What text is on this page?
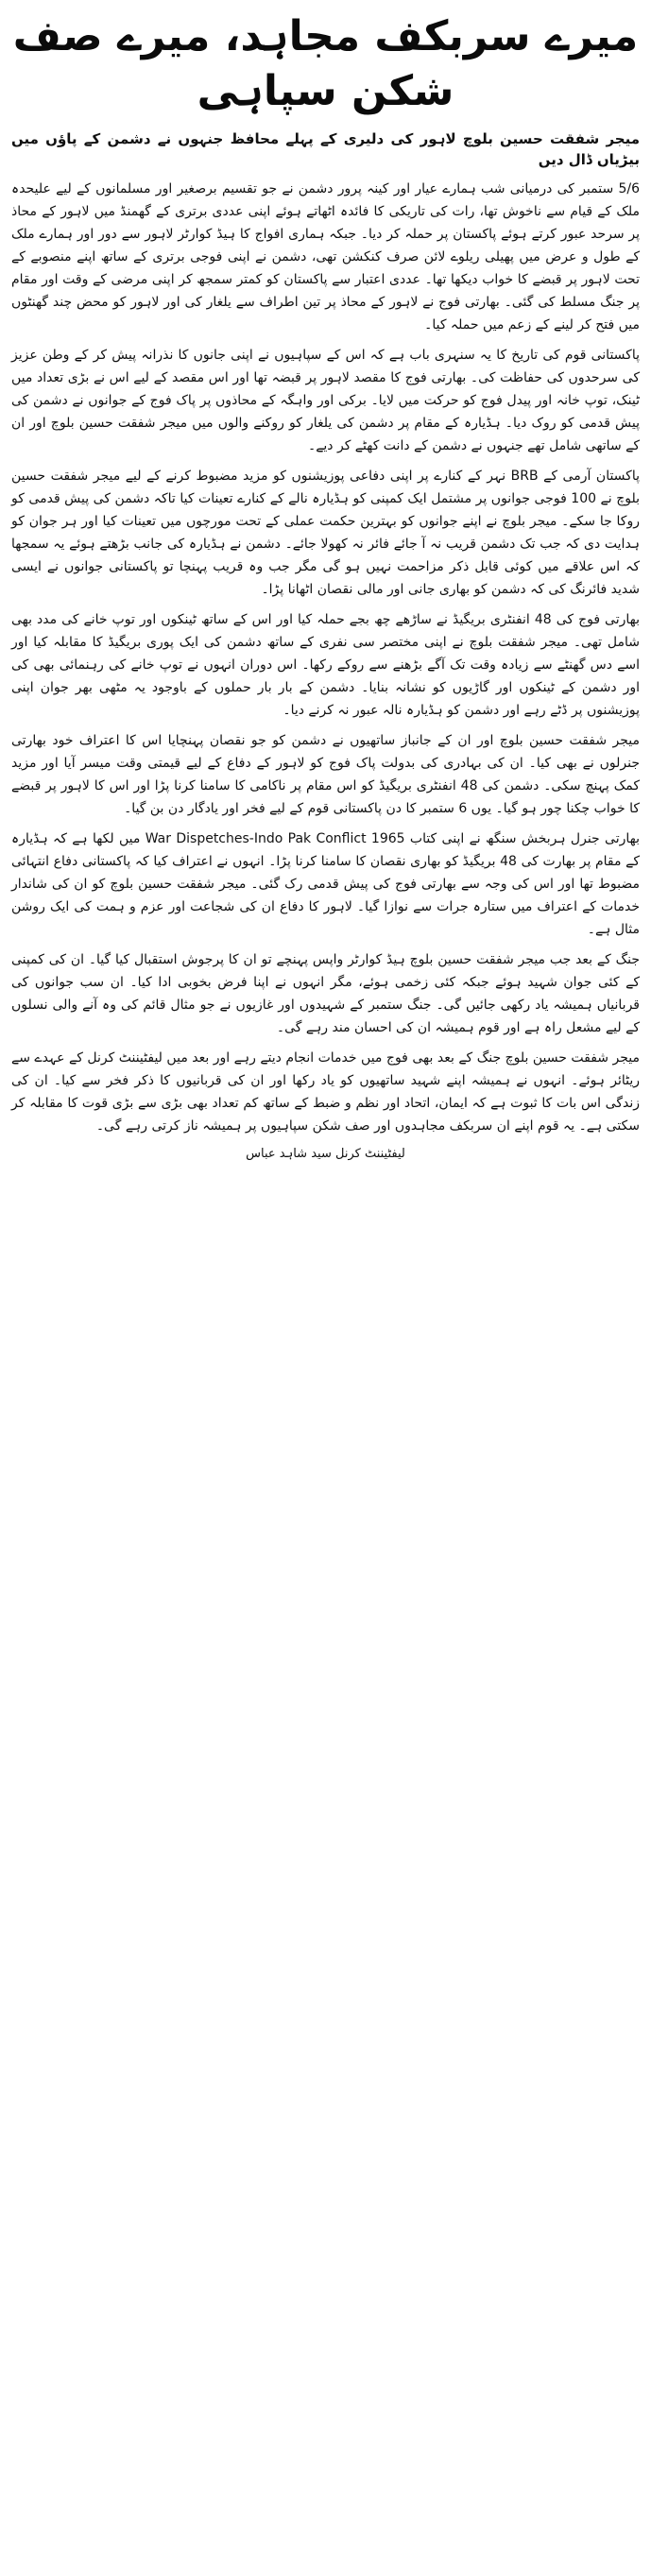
میرے سربکف مجاہد، میرے صف شکن سپاہی

میجر شفقت حسین بلوچ لاہور کی دلیری کے پہلے محافظ جنہوں نے دشمن کے پاؤں میں بیڑیاں ڈال دیں

5/6 ستمبر کی درمیانی شب ہمارے عیار اور کینہ پرور دشمن نے جو تقسیم برصغیر اور مسلمانوں کے لیے علیحدہ ملک کے قیام سے ناخوش تھا، رات کی تاریکی کا فائدہ اٹھاتے ہوئے اپنی عددی برتری کے گھمنڈ میں لاہور کے محاذ پر سرحد عبور کرتے ہوئے پاکستان پر حملہ کر دیا۔ جبکہ ہماری افواج کا ہیڈ کوارٹر لاہور سے دور اور ہمارے ملک کے طول و عرض میں پھیلی ریلوے لائن صرف کنکشن تھی، دشمن نے اپنی فوجی برتری کے ساتھ اپنے منصوبے کے تحت لاہور پر قبضے کا خواب دیکھا تھا۔ عددی اعتبار سے پاکستان کو کمتر سمجھ کر اپنی مرضی کے وقت اور مقام پر جنگ مسلط کی گئی۔ بھارتی فوج نے لاہور کے محاذ پر تین اطراف سے یلغار کی اور لاہور کو محض چند گھنٹوں میں فتح کر لینے کے زعم میں حملہ کیا۔

پاکستانی قوم کی تاریخ کا یہ سنہری باب ہے کہ اس کے سپاہیوں نے اپنی جانوں کا نذرانہ پیش کر کے وطن عزیز کی سرحدوں کی حفاظت کی۔ بھارتی فوج کا مقصد لاہور پر قبضہ تھا اور اس مقصد کے لیے اس نے بڑی تعداد میں ٹینک، توپ خانہ اور پیدل فوج کو حرکت میں لایا۔ برکی اور واہگہ کے محاذوں پر پاک فوج کے جوانوں نے دشمن کی پیش قدمی کو روک دیا۔ ہڈیارہ کے مقام پر دشمن کی یلغار کو روکنے والوں میں میجر شفقت حسین بلوچ اور ان کے ساتھی شامل تھے جنہوں نے دشمن کے دانت کھٹے کر دیے۔

پاکستان آرمی کے BRB نہر کے کنارے پر اپنی دفاعی پوزیشنوں کو مزید مضبوط کرنے کے لیے میجر شفقت حسین بلوچ نے 100 فوجی جوانوں پر مشتمل ایک کمپنی کو ہڈیارہ نالے کے کنارے تعینات کیا تاکہ دشمن کی پیش قدمی کو روکا جا سکے۔ میجر بلوچ نے اپنے جوانوں کو بہترین حکمت عملی کے تحت مورچوں میں تعینات کیا اور ہر جوان کو ہدایت دی کہ جب تک دشمن قریب نہ آ جائے فائر نہ کھولا جائے۔ دشمن نے ہڈیارہ کی جانب بڑھتے ہوئے یہ سمجھا کہ اس علاقے میں کوئی قابل ذکر مزاحمت نہیں ہو گی مگر جب وہ قریب پہنچا تو پاکستانی جوانوں نے ایسی شدید فائرنگ کی کہ دشمن کو بھاری جانی اور مالی نقصان اٹھانا پڑا۔

بھارتی فوج کی 48 انفنٹری بریگیڈ نے ساڑھے چھ بجے حملہ کیا اور اس کے ساتھ ٹینکوں اور توپ خانے کی مدد بھی شامل تھی۔ میجر شفقت بلوچ نے اپنی مختصر سی نفری کے ساتھ دشمن کی ایک پوری بریگیڈ کا مقابلہ کیا اور اسے دس گھنٹے سے زیادہ وقت تک آگے بڑھنے سے روکے رکھا۔ اس دوران انہوں نے توپ خانے کی رہنمائی بھی کی اور دشمن کے ٹینکوں اور گاڑیوں کو نشانہ بنایا۔ دشمن کے بار بار حملوں کے باوجود یہ مٹھی بھر جوان اپنی پوزیشنوں پر ڈٹے رہے اور دشمن کو ہڈیارہ نالہ عبور نہ کرنے دیا۔

میجر شفقت حسین بلوچ اور ان کے جانباز ساتھیوں نے دشمن کو جو نقصان پہنچایا اس کا اعتراف خود بھارتی جنرلوں نے بھی کیا۔ ان کی بہادری کی بدولت پاک فوج کو لاہور کے دفاع کے لیے قیمتی وقت میسر آیا اور مزید کمک پہنچ سکی۔ دشمن کی 48 انفنٹری بریگیڈ کو اس مقام پر ناکامی کا سامنا کرنا پڑا اور اس کا لاہور پر قبضے کا خواب چکنا چور ہو گیا۔ یوں 6 ستمبر کا دن پاکستانی قوم کے لیے فخر اور یادگار دن بن گیا۔

بھارتی جنرل ہربخش سنگھ نے اپنی کتاب War Dispetches-Indo Pak Conflict 1965 میں لکھا ہے کہ ہڈیارہ کے مقام پر بھارت کی 48 بریگیڈ کو بھاری نقصان کا سامنا کرنا پڑا۔ انہوں نے اعتراف کیا کہ پاکستانی دفاع انتہائی مضبوط تھا اور اس کی وجہ سے بھارتی فوج کی پیش قدمی رک گئی۔ میجر شفقت حسین بلوچ کو ان کی شاندار خدمات کے اعتراف میں ستارہ جرات سے نوازا گیا۔ لاہور کا دفاع ان کی شجاعت اور عزم و ہمت کی ایک روشن مثال ہے۔

جنگ کے بعد جب میجر شفقت حسین بلوچ ہیڈ کوارٹر واپس پہنچے تو ان کا پرجوش استقبال کیا گیا۔ ان کی کمپنی کے کئی جوان شہید ہوئے جبکہ کئی زخمی ہوئے، مگر انہوں نے اپنا فرض بخوبی ادا کیا۔ ان سب جوانوں کی قربانیاں ہمیشہ یاد رکھی جائیں گی۔ جنگ ستمبر کے شہیدوں اور غازیوں نے جو مثال قائم کی وہ آنے والی نسلوں کے لیے مشعل راہ ہے اور قوم ہمیشہ ان کی احسان مند رہے گی۔

میجر شفقت حسین بلوچ جنگ کے بعد بھی فوج میں خدمات انجام دیتے رہے اور بعد میں لیفٹیننٹ کرنل کے عہدے سے ریٹائر ہوئے۔ انہوں نے ہمیشہ اپنے شہید ساتھیوں کو یاد رکھا اور ان کی قربانیوں کا ذکر فخر سے کیا۔ ان کی زندگی اس بات کا ثبوت ہے کہ ایمان، اتحاد اور نظم و ضبط کے ساتھ کم تعداد بھی بڑی سے بڑی قوت کا مقابلہ کر سکتی ہے۔ یہ قوم اپنے ان سربکف مجاہدوں اور صف شکن سپاہیوں پر ہمیشہ ناز کرتی رہے گی۔

لیفٹیننٹ کرنل سید شاہد عباس
